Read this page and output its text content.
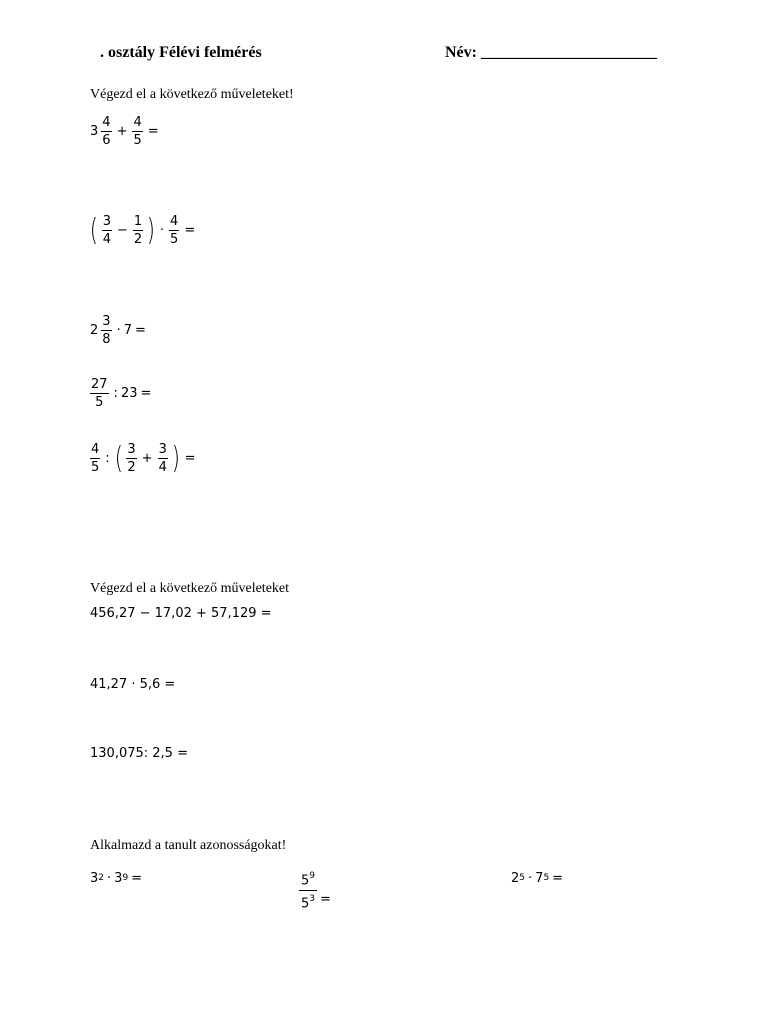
. osztály Félévi felmérés	Név: ______________________
Végezd el a következő műveleteket!
$3 \frac{4}{6} + \frac{4}{5}$ =
( $\frac{3}{4} - \frac{1}{2}$ ) · $\frac{4}{5}$ =
$2 \frac{3}{8} \cdot 7$ =
$\frac{27}{5}$ : 23 =
$\frac{4}{5}$ : ( $\frac{3}{2} + \frac{3}{4}$ ) =
Végezd el a következő műveleteket
456,27 − 17,02 + 57,129 =
41,27 · 5,6 =
130,075: 2,5 =
Alkalmazd a tanult azonosságokat!
3 2 · 3 9 =	$\frac{5^9}{5^3}$ =
2 5 · 7 5 =
